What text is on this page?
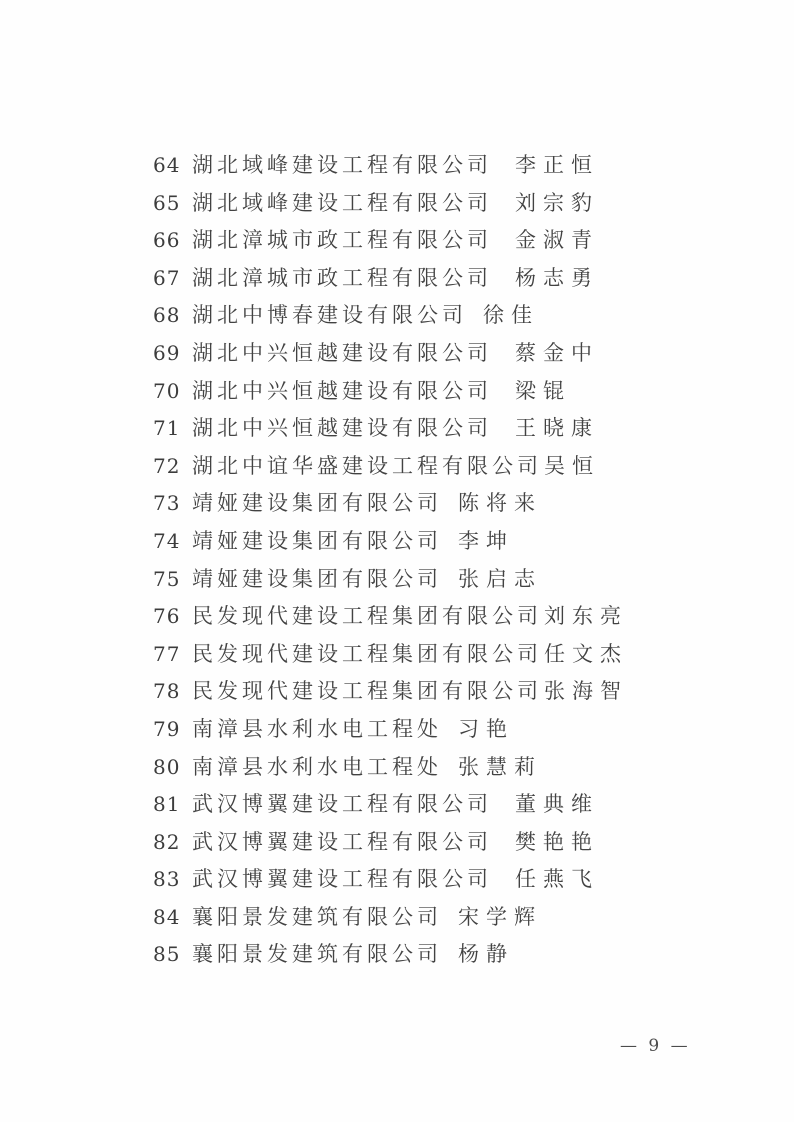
64 湖北域峰建设工程有限公司 李正恒
65 湖北域峰建设工程有限公司 刘宗豹
66 湖北漳城市政工程有限公司 金淑青
67 湖北漳城市政工程有限公司 杨志勇
68 湖北中博春建设有限公司 徐佳
69 湖北中兴恒越建设有限公司 蔡金中
70 湖北中兴恒越建设有限公司 梁锟
71 湖北中兴恒越建设有限公司 王晓康
72 湖北中谊华盛建设工程有限公司吴恒
73 靖娅建设集团有限公司 陈将来
74 靖娅建设集团有限公司 李坤
75 靖娅建设集团有限公司 张启志
76 民发现代建设工程集团有限公司刘东亮
77 民发现代建设工程集团有限公司任文杰
78 民发现代建设工程集团有限公司张海智
79 南漳县水利水电工程处 习艳
80 南漳县水利水电工程处 张慧莉
81 武汉博翼建设工程有限公司 董典维
82 武汉博翼建设工程有限公司 樊艳艳
83 武汉博翼建设工程有限公司 任燕飞
84 襄阳景发建筑有限公司 宋学辉
85 襄阳景发建筑有限公司 杨静
— 9 —
